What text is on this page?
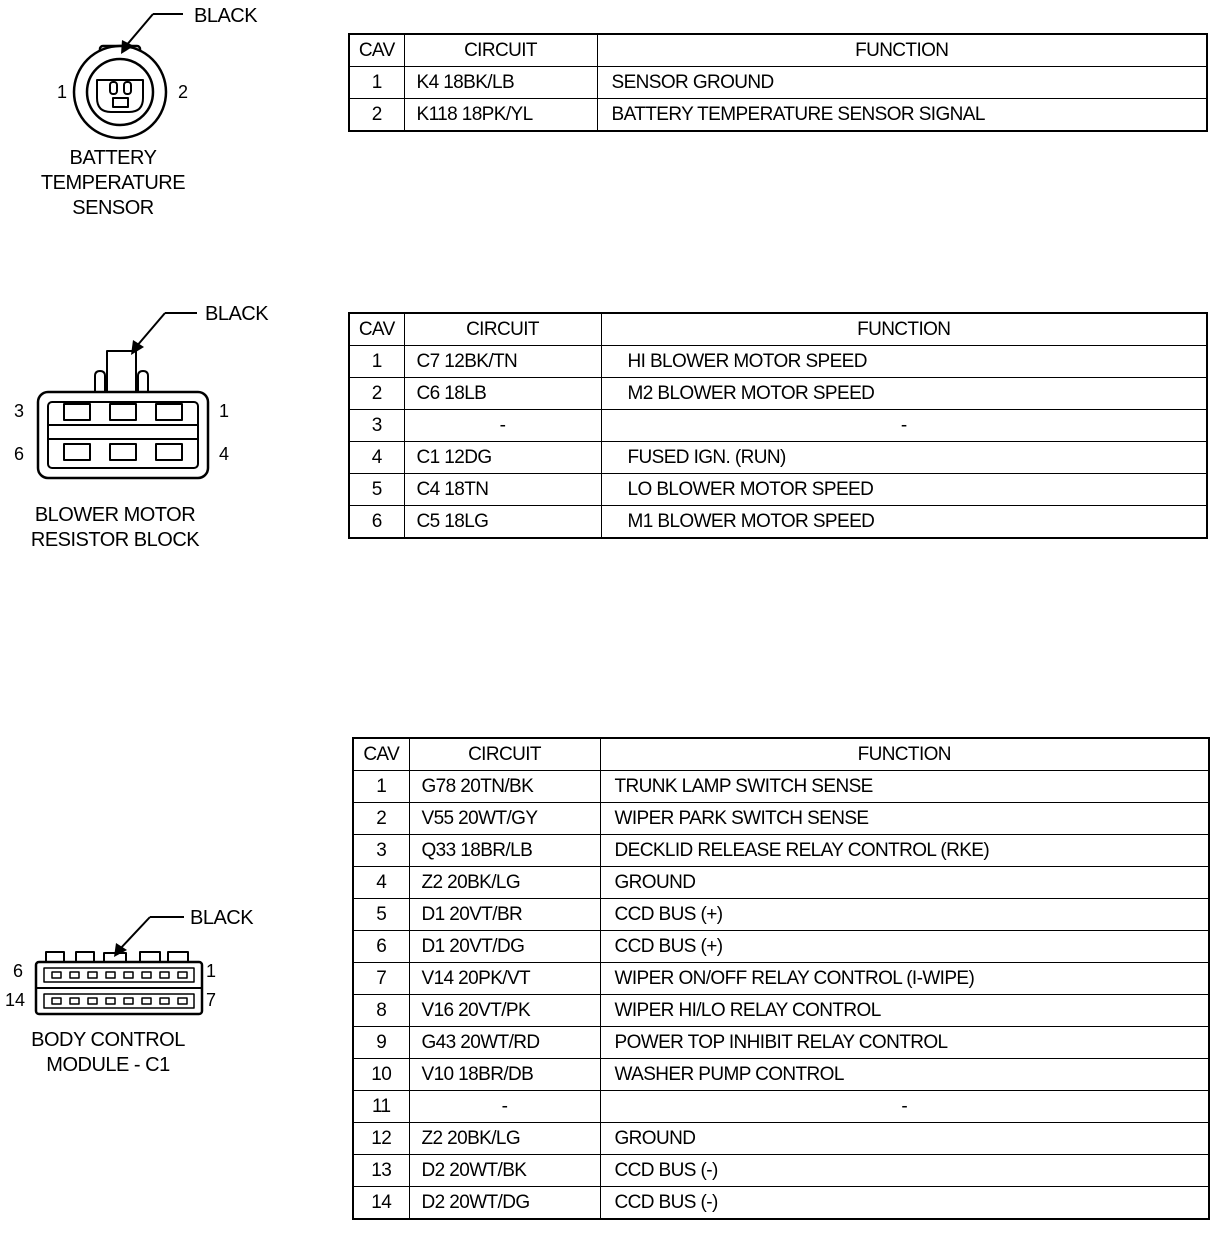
BLACK
1	2
BATTERY
TEMPERATURE
SENSOR
BLACK
3	1
6	4
BLOWER MOTOR
RESISTOR BLOCK
BLACK
6	1
14	7
BODY CONTROL
MODULE - C1
CAV	CIRCUIT	FUNCTION
1	K4 18BK/LB	SENSOR GROUND
2	K118 18PK/YL	BATTERY TEMPERATURE SENSOR SIGNAL
CAV	CIRCUIT	FUNCTION
1	C7 12BK/TN	HI BLOWER MOTOR SPEED
2	C6 18LB	M2 BLOWER MOTOR SPEED
3	-	-
4	C1 12DG	FUSED IGN. (RUN)
5	C4 18TN	LO BLOWER MOTOR SPEED
6	C5 18LG	M1 BLOWER MOTOR SPEED
CAV	CIRCUIT	FUNCTION
1	G78 20TN/BK	TRUNK LAMP SWITCH SENSE
2	V55 20WT/GY	WIPER PARK SWITCH SENSE
3	Q33 18BR/LB	DECKLID RELEASE RELAY CONTROL (RKE)
4	Z2 20BK/LG	GROUND
5	D1 20VT/BR	CCD BUS (+)
6	D1 20VT/DG	CCD BUS (+)
7	V14 20PK/VT	WIPER ON/OFF RELAY CONTROL (I-WIPE)
8	V16 20VT/PK	WIPER HI/LO RELAY CONTROL
9	G43 20WT/RD	POWER TOP INHIBIT RELAY CONTROL
10	V10 18BR/DB	WASHER PUMP CONTROL
11	-	-
12	Z2 20BK/LG	GROUND
13	D2 20WT/BK	CCD BUS (-)
14	D2 20WT/DG	CCD BUS (-)
